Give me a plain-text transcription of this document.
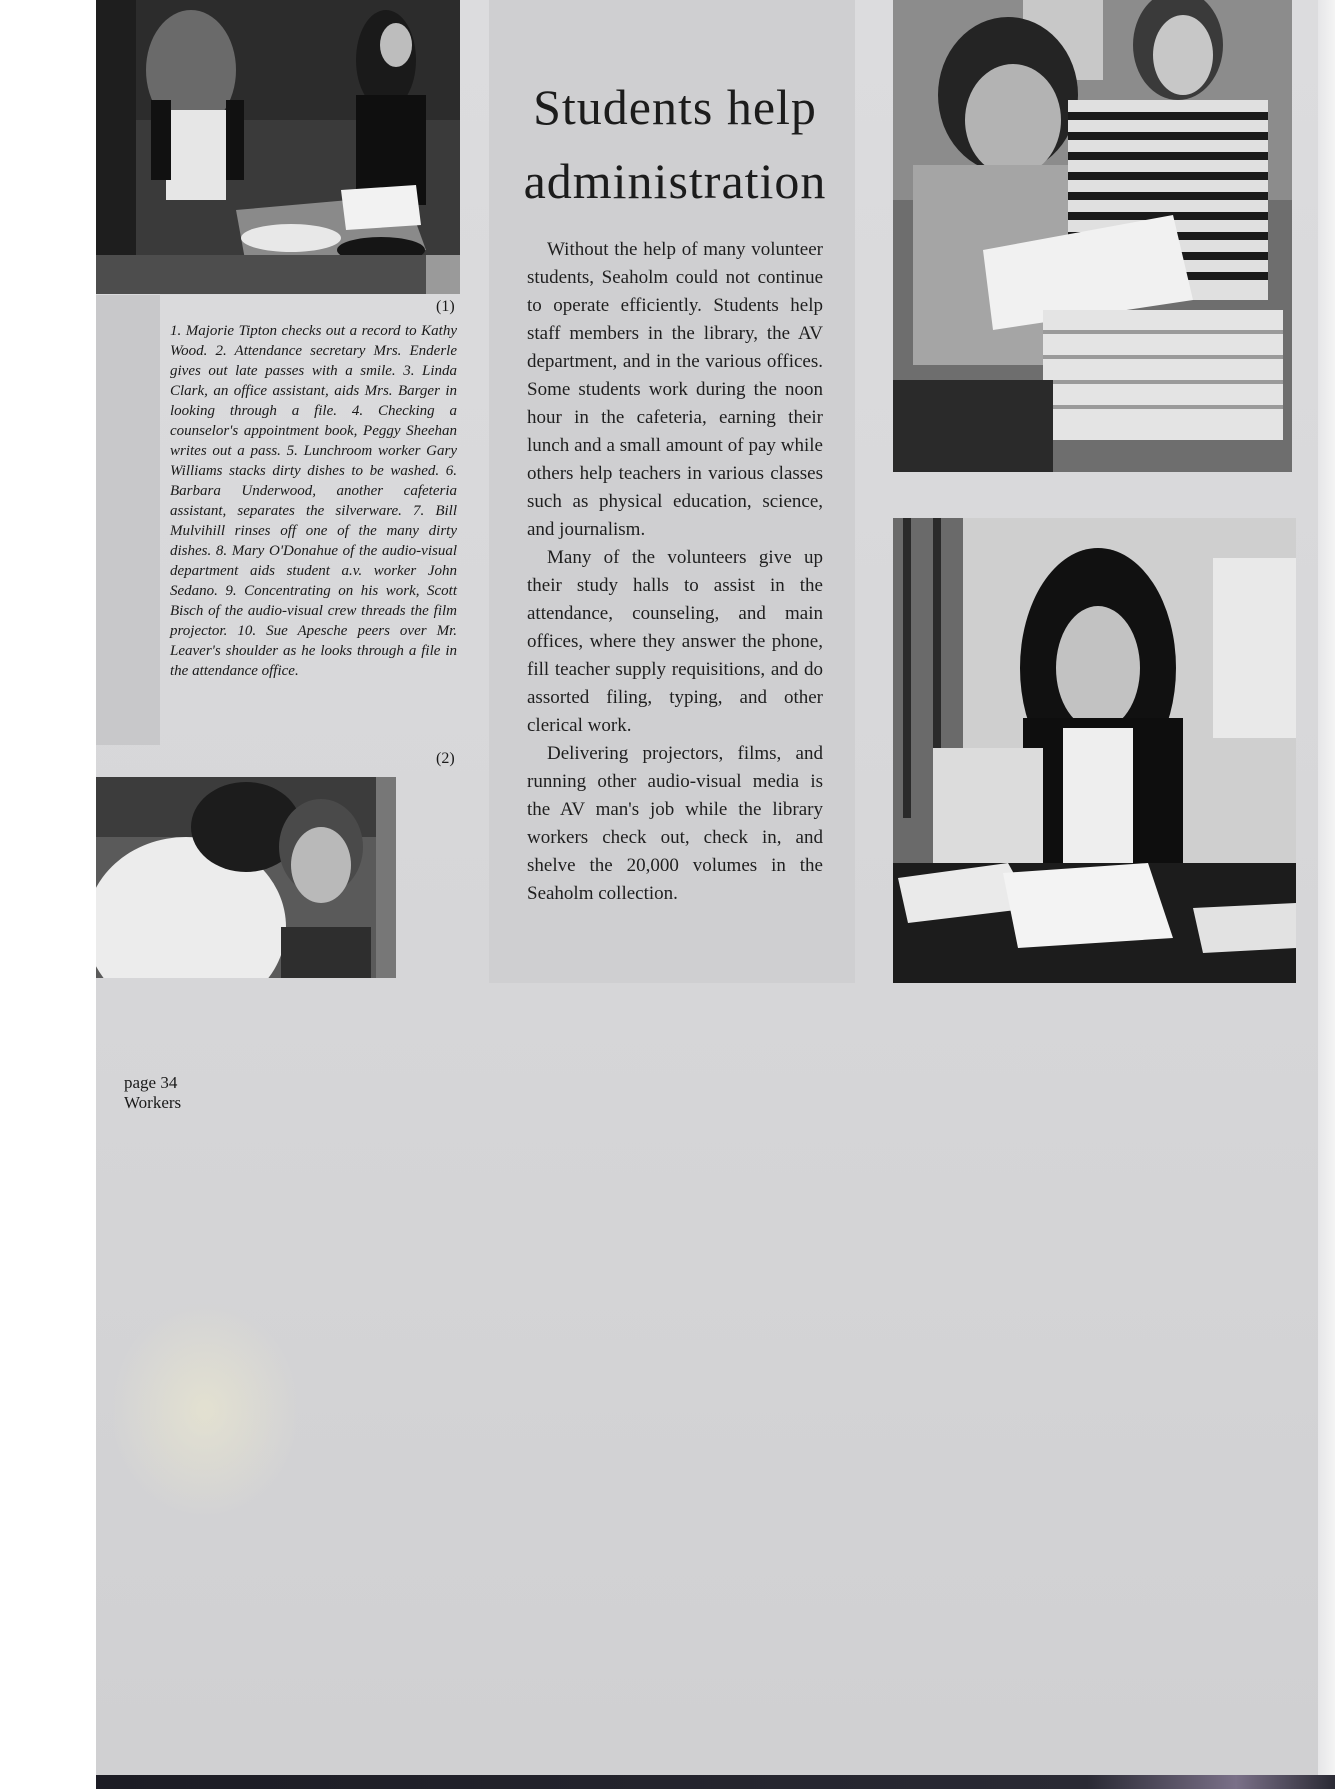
(1)

1. Majorie Tipton checks out a record to Kathy Wood. 2. Attendance secretary Mrs. Enderle gives out late passes with a smile. 3. Linda Clark, an office assistant, aids Mrs. Barger in looking through a file. 4. Checking a counselor's appointment book, Peggy Sheehan writes out a pass. 5. Lunchroom worker Gary Williams stacks dirty dishes to be washed. 6. Barbara Underwood, another cafeteria assistant, separates the silverware. 7. Bill Mulvihill rinses off one of the many dirty dishes. 8. Mary O'Donahue of the audio-visual department aids student a.v. worker John Sedano. 9. Concentrating on his work, Scott Bisch of the audio-visual crew threads the film projector. 10. Sue Apesche peers over Mr. Leaver's shoulder as he looks through a file in the attendance office.

(2)
Students help
administration

Without the help of many volunteer students, Seaholm could not continue to operate efficiently. Students help staff members in the library, the AV department, and in the various offices. Some students work during the noon hour in the cafeteria, earning their lunch and a small amount of pay while others help teachers in various classes such as physical education, science, and journalism.

Many of the volunteers give up their study halls to assist in the attendance, counseling, and main offices, where they answer the phone, fill teacher supply requisitions, and do assorted filing, typing, and other clerical work.

Delivering projectors, films, and running other audio-visual media is the AV man's job while the library workers check out, check in, and shelve the 20,000 volumes in the Seaholm collection.

page 34
Workers
